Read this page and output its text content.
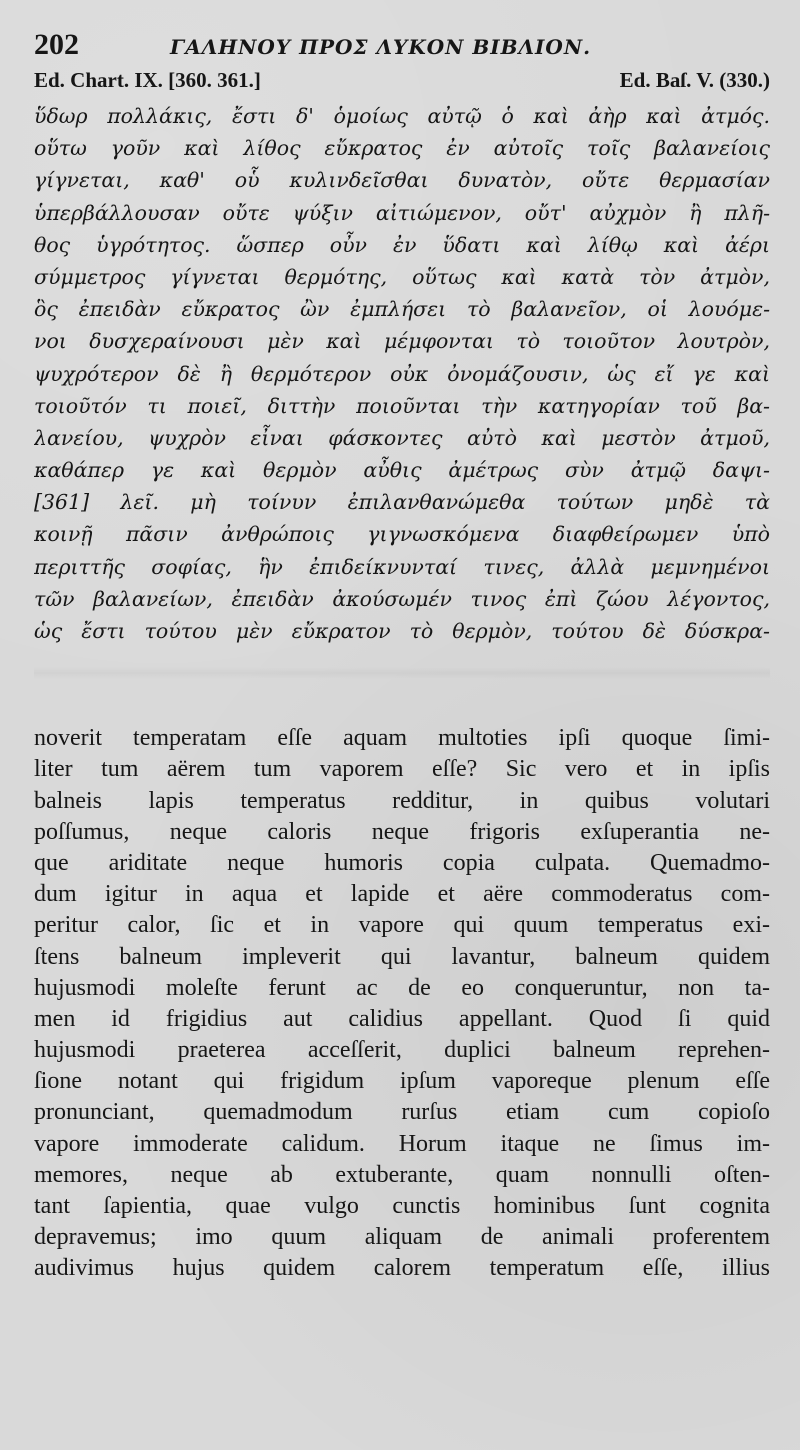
202	ΓΑΛΗΝΟΥ ΠΡΟΣ ΛΥΚΟΝ ΒΙΒΛΙΟΝ.
Ed. Chart. IX. [360. 361.]	Ed. Baſ. V. (330.)
ὕδωρ πολλάκις, ἔστι δ' ὁμοίως αὐτῷ ὁ καὶ ἀὴρ καὶ ἀτμός.
οὕτω γοῦν καὶ λίθος εὔκρατος ἐν αὐτοῖς τοῖς βαλανείοις
γίγνεται, καθ' οὗ κυλινδεῖσθαι δυνατὸν, οὔτε θερμασίαν
ὑπερβάλλουσαν οὔτε ψύξιν αἰτιώμενον, οὔτ' αὐχμὸν ἢ πλῆ-
θος ὑγρότητος. ὥσπερ οὖν ἐν ὕδατι καὶ λίθῳ καὶ ἀέρι
σύμμετρος γίγνεται θερμότης, οὕτως καὶ κατὰ τὸν ἀτμὸν,
ὃς ἐπειδὰν εὔκρατος ὢν ἐμπλήσει τὸ βαλανεῖον, οἱ λουόμε-
νοι δυσχεραίνουσι μὲν καὶ μέμφονται τὸ τοιοῦτον λουτρὸν,
ψυχρότερον δὲ ἢ θερμότερον οὐκ ὀνομάζουσιν, ὡς εἴ γε καὶ
τοιοῦτόν τι ποιεῖ, διττὴν ποιοῦνται τὴν κατηγορίαν τοῦ βα-
λανείου, ψυχρὸν εἶναι φάσκοντες αὐτὸ καὶ μεστὸν ἀτμοῦ,
καθάπερ γε καὶ θερμὸν αὖθις ἀμέτρως σὺν ἀτμῷ δαψι-
[361] λεῖ. μὴ τοίνυν ἐπιλανθανώμεθα τούτων μηδὲ τὰ
κοινῇ πᾶσιν ἀνθρώποις γιγνωσκόμενα διαφθείρωμεν ὑπὸ
περιττῆς σοφίας, ἣν ἐπιδείκνυνταί τινες, ἀλλὰ μεμνημένοι
τῶν βαλανείων, ἐπειδὰν ἀκούσωμέν τινος ἐπὶ ζώου λέγοντος,
ὡς ἔστι τούτου μὲν εὔκρατον τὸ θερμὸν, τούτου δὲ δύσκρα-
noverit temperatam eſſe aquam multoties ipſi quoque ſimi-
liter tum aërem tum vaporem eſſe? Sic vero et in ipſis
balneis lapis temperatus redditur, in quibus volutari
poſſumus, neque caloris neque frigoris exſuperantia ne-
que ariditate neque humoris copia culpata. Quemadmo-
dum igitur in aqua et lapide et aëre commoderatus com-
peritur calor, ſic et in vapore qui quum temperatus exi-
ſtens balneum impleverit qui lavantur, balneum quidem
hujusmodi moleſte ferunt ac de eo conqueruntur, non ta-
men id frigidius aut calidius appellant. Quod ſi quid
hujusmodi praeterea acceſſerit, duplici balneum reprehen-
ſione notant qui frigidum ipſum vaporeque plenum eſſe
pronunciant, quemadmodum rurſus etiam cum copioſo
vapore immoderate calidum. Horum itaque ne ſimus im-
memores, neque ab extuberante, quam nonnulli oſten-
tant ſapientia, quae vulgo cunctis hominibus ſunt cognita
depravemus; imo quum aliquam de animali proferentem
audivimus hujus quidem calorem temperatum eſſe, illius
